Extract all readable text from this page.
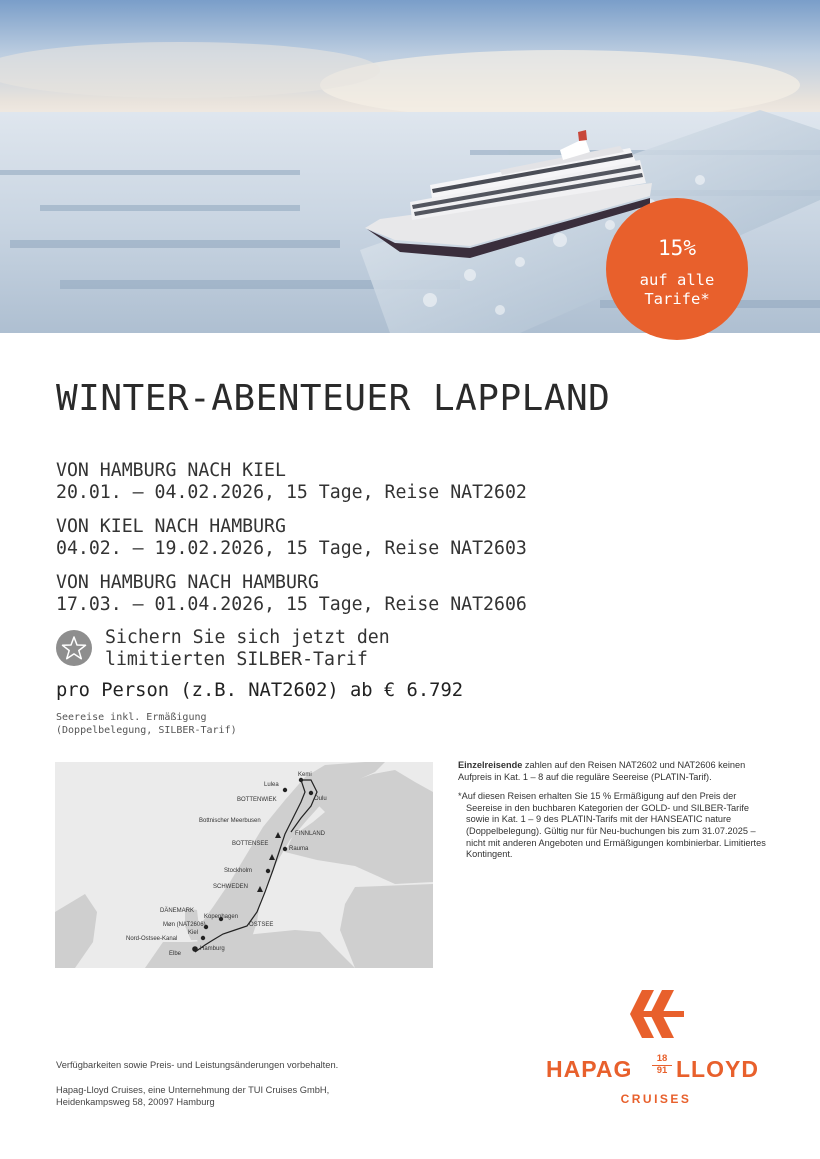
15%
auf alle
Tarife*
WINTER-ABENTEUER LAPPLAND
VON HAMBURG NACH KIEL
20.01. – 04.02.2026, 15 Tage, Reise NAT2602
VON KIEL NACH HAMBURG
04.02. – 19.02.2026, 15 Tage, Reise NAT2603
VON HAMBURG NACH HAMBURG
17.03. – 01.04.2026, 15 Tage, Reise NAT2606
Sichern Sie sich jetzt den
limitierten SILBER-Tarif
pro Person (z.B. NAT2602) ab € 6.792
Seereise inkl. Ermäßigung
(Doppelbelegung, SILBER-Tarif)
Kemi
Lulea
Oulu
BOTTENWIEK
Bottnischer Meerbusen
FINNLAND
BOTTENSEE
Rauma
Stockholm
SCHWEDEN
DÄNEMARK
Kopenhagen
Møn (NAT2606)	OSTSEE
Kiel
Nord-Ostsee-Kanal
Hamburg
Elbe

Einzelreisende zahlen auf den Reisen NAT2602 und NAT2606 keinen Aufpreis in Kat. 1 – 8 auf die reguläre Seereise (PLATIN-Tarif).

*Auf diesen Reisen erhalten Sie 15 % Ermäßigung auf den Preis der Seereise in den buchbaren Kategorien der GOLD- und SILBER-Tarife sowie in Kat. 1 – 9 des PLATIN-Tarifs mit der HANSEATIC nature (Doppelbelegung). Gültig nur für Neu-buchungen bis zum 31.07.2025 – nicht mit anderen Angeboten und Ermäßigungen kombinierbar. Limitiertes Kontingent.

Verfügbarkeiten sowie Preis- und Leistungsänderungen vorbehalten.
Hapag-Lloyd Cruises, eine Unternehmung der TUI Cruises GmbH,
Heidenkampsweg 58, 20097 Hamburg
HAPAG	18
91 LLOYD
CRUISES
